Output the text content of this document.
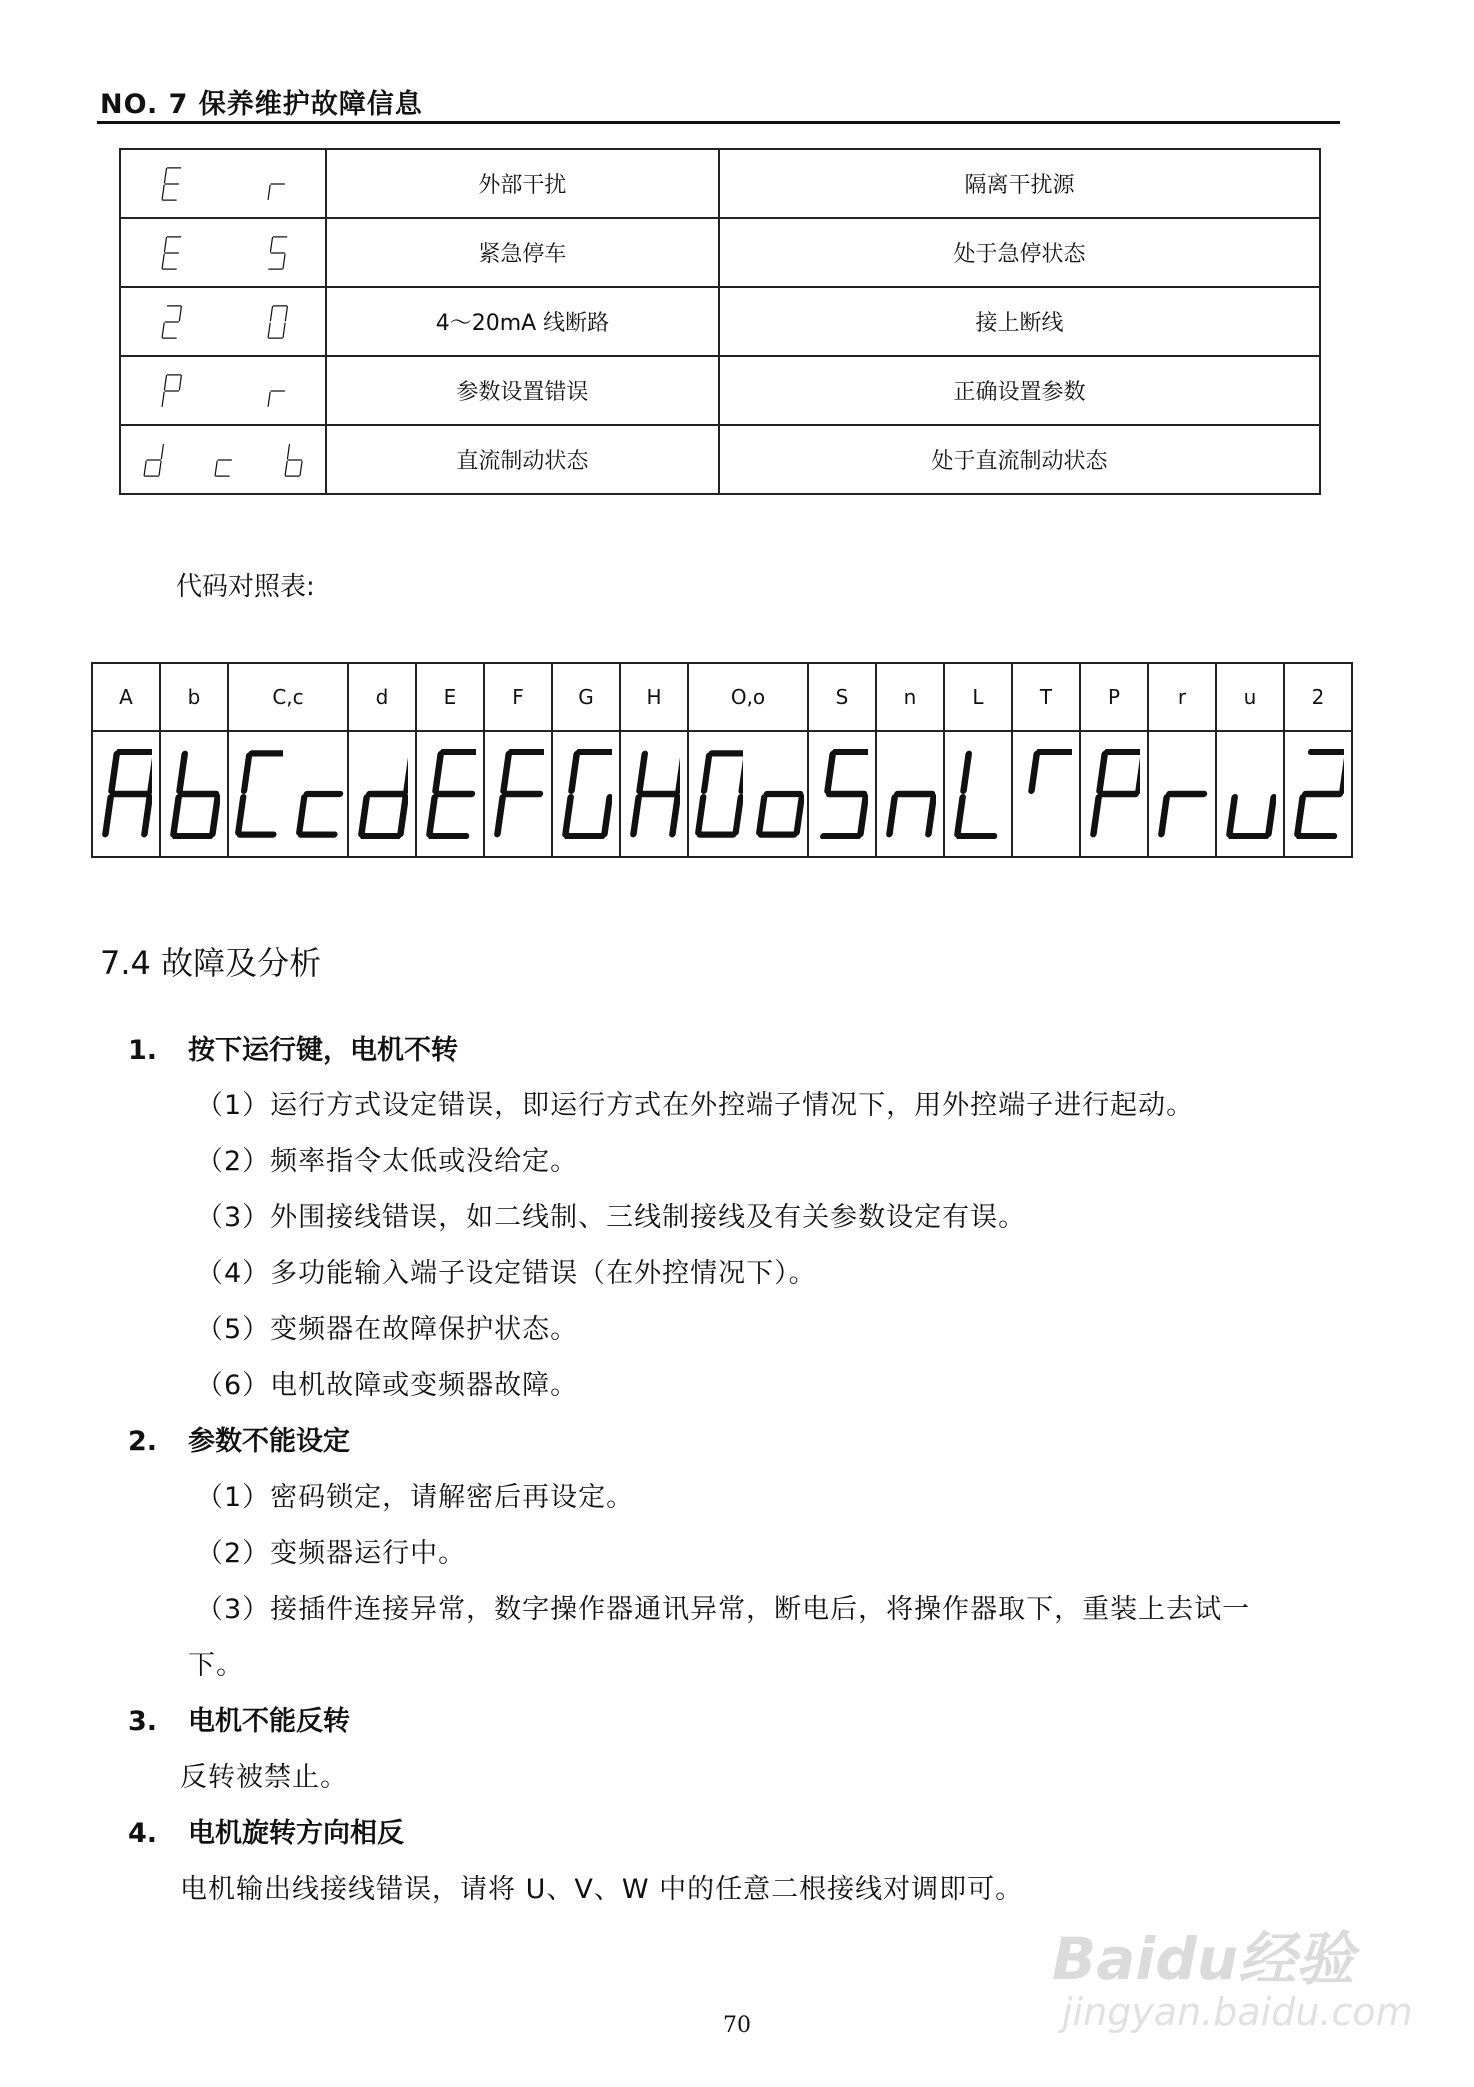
NO. 7 保养维护故障信息
	外部干扰	隔离干扰源

	紧急停车	处于急停状态

	4～20mA 线断路	接上断线

	参数设置错误	正确设置参数

	直流制动状态	处于直流制动状态
代码对照表:
A	b	C,c	d	E	F	G	H	O,o	S	n	L	T	P	r	u	2

7.4 故障及分析
1. 按下运行键，电机不转
（1）运行方式设定错误，即运行方式在外控端子情况下，用外控端子进行起动。
（2）频率指令太低或没给定。
（3）外围接线错误，如二线制、三线制接线及有关参数设定有误。
（4）多功能输入端子设定错误（在外控情况下）。
（5）变频器在故障保护状态。
（6）电机故障或变频器故障。
2. 参数不能设定
（1）密码锁定，请解密后再设定。
（2）变频器运行中。
（3）接插件连接异常，数字操作器通讯异常，断电后，将操作器取下，重装上去试一
下。
3. 电机不能反转
反转被禁止。
4. 电机旋转方向相反
电机输出线接线错误，请将 U、V、W 中的任意二根接线对调即可。
70
Baidu经验
jingyan.baidu.com
